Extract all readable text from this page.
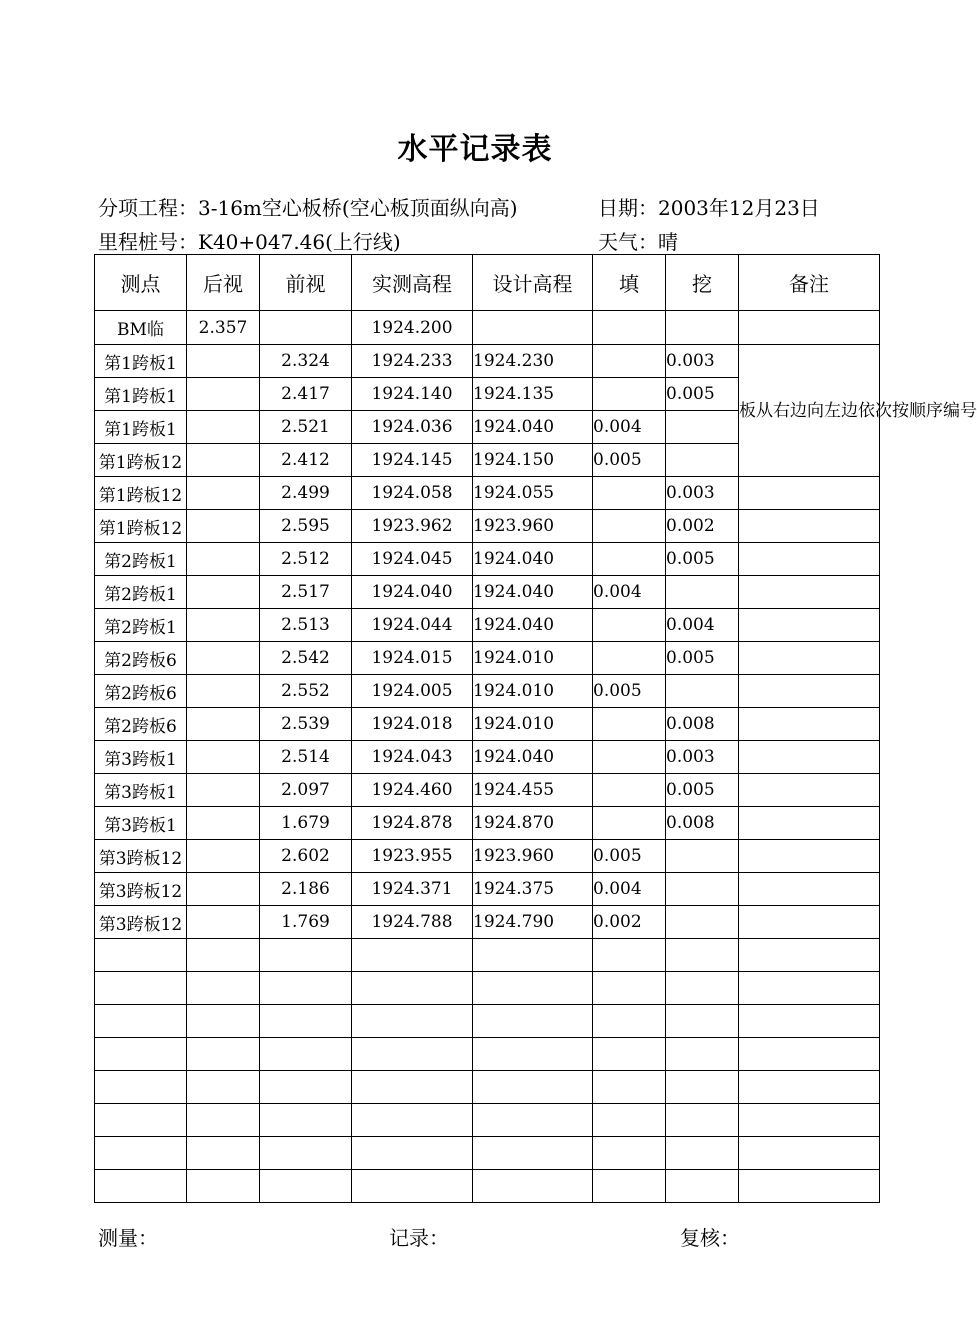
水平记录表
分项工程：3-16m空心板桥(空心板顶面纵向高)	日期：2003年12月23日
里程桩号：K40+047.46(上行线)	天气：晴
测点	后视	前视	实测高程	设计高程	填	挖	备注
BM临	2.357		1924.200				
第1跨板1		2.324	1924.233	1924.230		0.003	板从右边向左边依次按顺序编号
第1跨板1		2.417	1924.140	1924.135		0.005	
第1跨板1		2.521	1924.036	1924.040	0.004		
第1跨板12		2.412	1924.145	1924.150	0.005		
第1跨板12		2.499	1924.058	1924.055		0.003	
第1跨板12		2.595	1923.962	1923.960		0.002	
第2跨板1		2.512	1924.045	1924.040		0.005	
第2跨板1		2.517	1924.040	1924.040	0.004		
第2跨板1		2.513	1924.044	1924.040		0.004	
第2跨板6		2.542	1924.015	1924.010		0.005	
第2跨板6		2.552	1924.005	1924.010	0.005		
第2跨板6		2.539	1924.018	1924.010		0.008	
第3跨板1		2.514	1924.043	1924.040		0.003	
第3跨板1		2.097	1924.460	1924.455		0.005	
第3跨板1		1.679	1924.878	1924.870		0.008	
第3跨板12		2.602	1923.955	1923.960	0.005		
第3跨板12		2.186	1924.371	1924.375	0.004		
第3跨板12		1.769	1924.788	1924.790	0.002		

测量：	记录：	复核：
